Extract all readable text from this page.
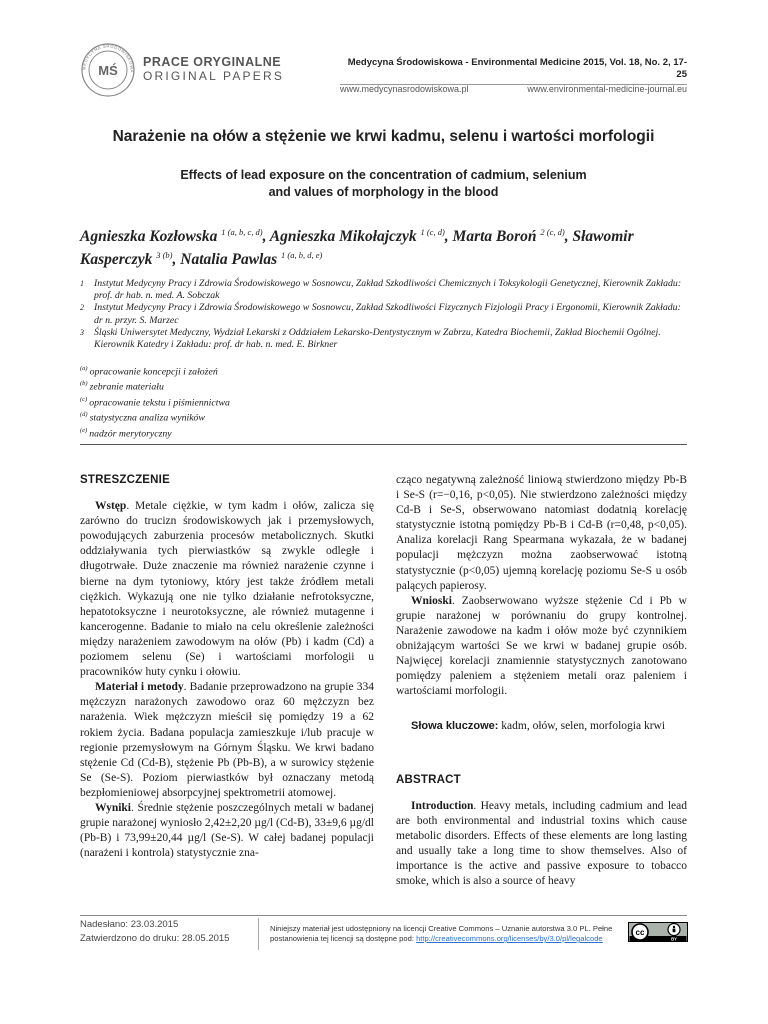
MEDYCYNA ŚRODOWISKOWA
MŚ
PRACE ORYGINALNE
ORIGINAL PAPERS
Medycyna Środowiskowa - Environmental Medicine 2015, Vol. 18, No. 2, 17-25
www.medycynasrodowiskowa.pl	www.environmental-medicine-journal.eu
Narażenie na ołów a stężenie we krwi kadmu, selenu i wartości morfologii
Effects of lead exposure on the concentration of cadmium, selenium
and values of morphology in the blood
Agnieszka Kozłowska $^{1 (a, b, c, d)}$, Agnieszka Mikołajczyk $^{1 (c, d)}$, Marta Boroń $^{2 (c, d)}$, Sławomir Kasperczyk $^{3 (b)}$, Natalia Pawlas $^{1 (a, b, d, e)}$
1	Instytut Medycyny Pracy i Zdrowia Środowiskowego w Sosnowcu, Zakład Szkodliwości Chemicznych i Toksykologii Genetycznej, Kierownik Zakładu: prof. dr hab. n. med. A. Sobczak
2	Instytut Medycyny Pracy i Zdrowia Środowiskowego w Sosnowcu, Zakład Szkodliwości Fizycznych Fizjologii Pracy i Ergonomii, Kierownik Zakładu: dr n. przyr. S. Marzec
3	Śląski Uniwersytet Medyczny, Wydział Lekarski z Oddziałem Lekarsko-Dentystycznym w Zabrzu, Katedra Biochemii, Zakład Biochemii Ogólnej. Kierownik Katedry i Zakładu: prof. dr hab. n. med. E. Birkner
$^{(a)}$ opracowanie koncepcji i założeń
$^{(b)}$ zebranie materiału
$^{(c)}$ opracowanie tekstu i piśmiennictwa
$^{(d)}$ statystyczna analiza wyników
$^{(e)}$ nadzór merytoryczny
STRESZCZENIE

Wstęp. Metale ciężkie, w tym kadm i ołów, zalicza się zarówno do trucizn środowiskowych jak i przemysłowych, powodujących zaburzenia procesów metabolicznych. Skutki oddziaływania tych pierwiastków są zwykle odległe i długotrwałe. Duże znaczenie ma również narażenie czynne i bierne na dym tytoniowy, który jest także źródłem metali ciężkich. Wykazują one nie tylko działanie nefrotoksyczne, hepatotoksyczne i neurotoksyczne, ale również mutagenne i kancerogenne. Badanie to miało na celu określenie zależności między narażeniem zawodowym na ołów (Pb) i kadm (Cd) a poziomem selenu (Se) i wartościami morfologii u pracowników huty cynku i ołowiu.

Materiał i metody. Badanie przeprowadzono na grupie 334 mężczyzn narażonych zawodowo oraz 60 mężczyzn bez narażenia. Wiek mężczyzn mieścił się pomiędzy 19 a 62 rokiem życia. Badana populacja zamieszkuje i/lub pracuje w regionie przemysłowym na Górnym Śląsku. We krwi badano stężenie Cd (Cd-B), stężenie Pb (Pb-B), a w surowicy stężenie Se (Se-S). Poziom pierwiastków był oznaczany metodą bezpłomieniowej absorpcyjnej spektrometrii atomowej.

Wyniki. Średnie stężenie poszczególnych metali w badanej grupie narażonej wyniosło 2,42±2,20 µg/l (Cd-B), 33±9,6 µg/dl (Pb-B) i 73,99±20,44 µg/l (Se-S). W całej badanej populacji (narażeni i kontrola) statystycznie zna-

cząco negatywną zależność liniową stwierdzono między Pb-B i Se-S (r=−0,16, p<0,05). Nie stwierdzono zależności między Cd-B i Se-S, obserwowano natomiast dodatnią korelację statystycznie istotną pomiędzy Pb-B i Cd-B (r=0,48, p<0,05). Analiza korelacji Rang Spearmana wykazała, że w badanej populacji mężczyzn można zaobserwować istotną statystycznie (p<0,05) ujemną korelację poziomu Se-S u osób palących papierosy.

Wnioski. Zaobserwowano wyższe stężenie Cd i Pb w grupie narażonej w porównaniu do grupy kontrolnej. Narażenie zawodowe na kadm i ołów może być czynnikiem obniżającym wartości Se we krwi w badanej grupie osób. Najwięcej korelacji znamiennie statystycznych zanotowano pomiędzy paleniem a stężeniem metali oraz paleniem i wartościami morfologii.

Słowa kluczowe: kadm, ołów, selen, morfologia krwi

ABSTRACT

Introduction. Heavy metals, including cadmium and lead are both environmental and industrial toxins which cause metabolic disorders. Effects of these elements are long lasting and usually take a long time to show themselves. Also of importance is the active and passive exposure to tobacco smoke, which is also a source of heavy

Nadesłano: 23.03.2015
Zatwierdzono do druku: 28.05.2015
Niniejszy materiał jest udostępniony na licencji Creative Commons – Uznanie autorstwa 3.0 PL. Pełne postanowienia tej licencji są dostępne pod: http://creativecommons.org/licenses/by/3.0/pl/legalcode
cc
BY
